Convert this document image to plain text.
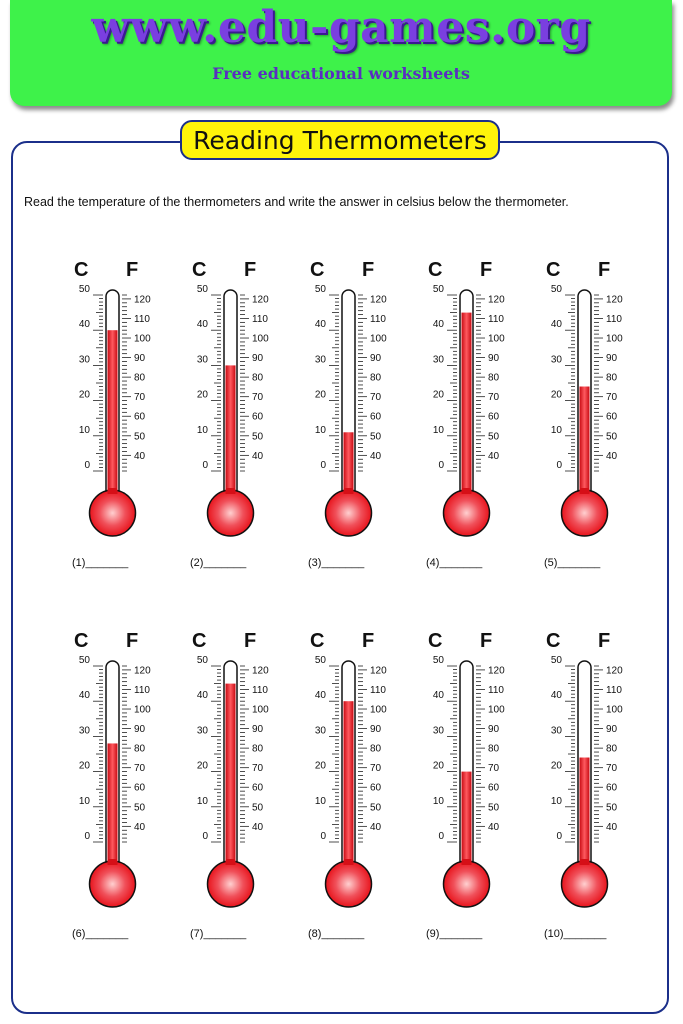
www.edu-games.org
Free educational worksheets
Reading Thermometers
Read the temperature of the thermometers and write the answer in celsius below the thermometer.
C F
0
10
20
30
40
50
40
50
60
70
80
90
100
110
120
(1)_______
C F
0
10
20
30
40
50
40
50
60
70
80
90
100
110
120
(2)_______
C F
0
10
20
30
40
50
40
50
60
70
80
90
100
110
120
(3)_______
C F
0
10
20
30
40
50
40
50
60
70
80
90
100
110
120
(4)_______
C F
0
10
20
30
40
50
40
50
60
70
80
90
100
110
120
(5)_______
C F
0
10
20
30
40
50
40
50
60
70
80
90
100
110
120
(6)_______
C F
0
10
20
30
40
50
40
50
60
70
80
90
100
110
120
(7)_______
C F
0
10
20
30
40
50
40
50
60
70
80
90
100
110
120
(8)_______
C F
0
10
20
30
40
50
40
50
60
70
80
90
100
110
120
(9)_______
C F
0
10
20
30
40
50
40
50
60
70
80
90
100
110
120
(10)_______
